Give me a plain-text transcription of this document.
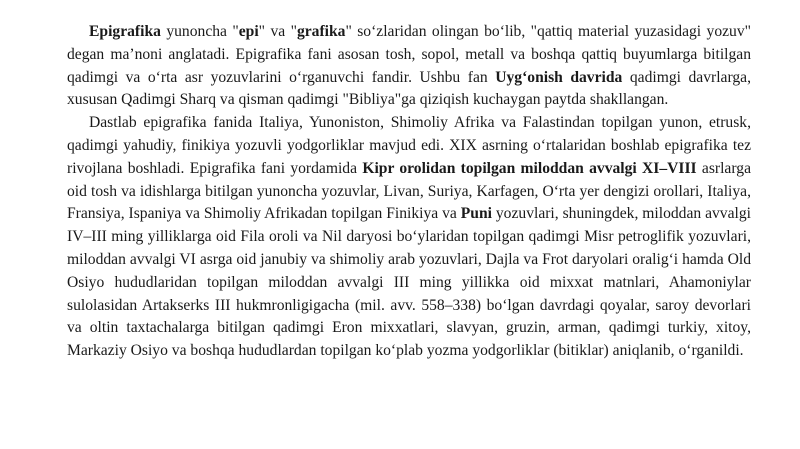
Epigrafika yunoncha "epi" va "grafika" so‘zlaridan olingan bo‘lib, "qattiq material yuzasidagi yozuv" degan ma’noni anglatadi. Epigrafika fani asosan tosh, sopol, metall va boshqa qattiq buyumlarga bitilgan qadimgi va o‘rta asr yozuvlarini o‘rganuvchi fandir. Ushbu fan Uyg‘onish davrida qadimgi davrlarga, xususan Qadimgi Sharq va qisman qadimgi "Bibliya"ga qiziqish kuchaygan paytda shakllangan.

Dastlab epigrafika fanida Italiya, Yunoniston, Shimoliy Afrika va Falastindan topilgan yunon, etrusk, qadimgi yahudiy, finikiya yozuvli yodgorliklar mavjud edi. XIX asrning o‘rtalaridan boshlab epigrafika tez rivojlana boshladi. Epigrafika fani yordamida Kipr orolidan topilgan miloddan avvalgi XI–VIII asrlarga oid tosh va idishlarga bitilgan yunoncha yozuvlar, Livan, Suriya, Karfagen, O‘rta yer dengizi orollari, Italiya, Fransiya, Ispaniya va Shimoliy Afrikadan topilgan Finikiya va Puni yozuvlari, shuningdek, miloddan avvalgi IV–III ming yilliklarga oid Fila oroli va Nil daryosi bo‘ylaridan topilgan qadimgi Misr petroglifik yozuvlari, miloddan avvalgi VI asrga oid janubiy va shimoliy arab yozuvlari, Dajla va Frot daryolari oralig‘i hamda Old Osiyo hududlaridan topilgan miloddan avvalgi III ming yillikka oid mixxat matnlari, Ahamoniylar sulolasidan Artakserks III hukmronligigacha (mil. avv. 558–338) bo‘lgan davrdagi qoyalar, saroy devorlari va oltin taxtachalarga bitilgan qadimgi Eron mixxatlari, slavyan, gruzin, arman, qadimgi turkiy, xitoy, Markaziy Osiyo va boshqa hududlardan topilgan ko‘plab yozma yodgorliklar (bitiklar) aniqlanib, o‘rganildi.
